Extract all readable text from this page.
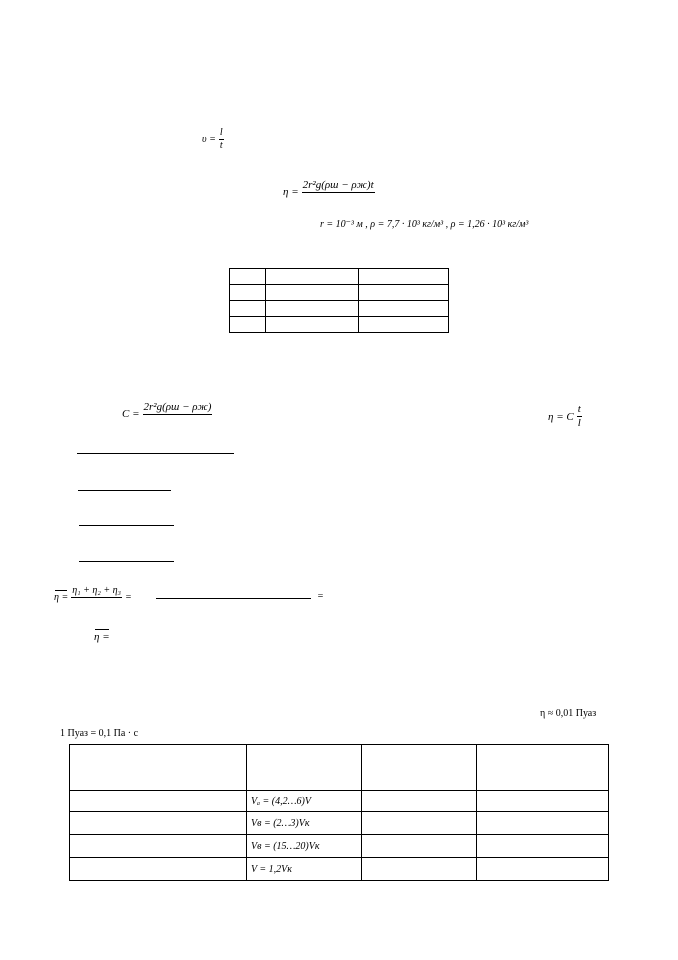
$\upsilon = \frac{l}{t}$
η =
2r²g(ρш − ρж)t
r = 10⁻³ м , ρ = 7,7 · 10³ кг/м³ , ρ = 1,26 · 10³ кг/м³

C =
2r²g(ρш − ρж)
η = C $\frac{t}{l}$
η =
η₁ + η₂ + η₃
=	=
η =
η ≈ 0,01 Пуаз
1 Пуаз = 0,1 Па · с

	Vₐ = (4,2…6)V		
	Vв = (2…3)Vк		
	Vв = (15…20)Vк		
	V = 1,2Vк		
